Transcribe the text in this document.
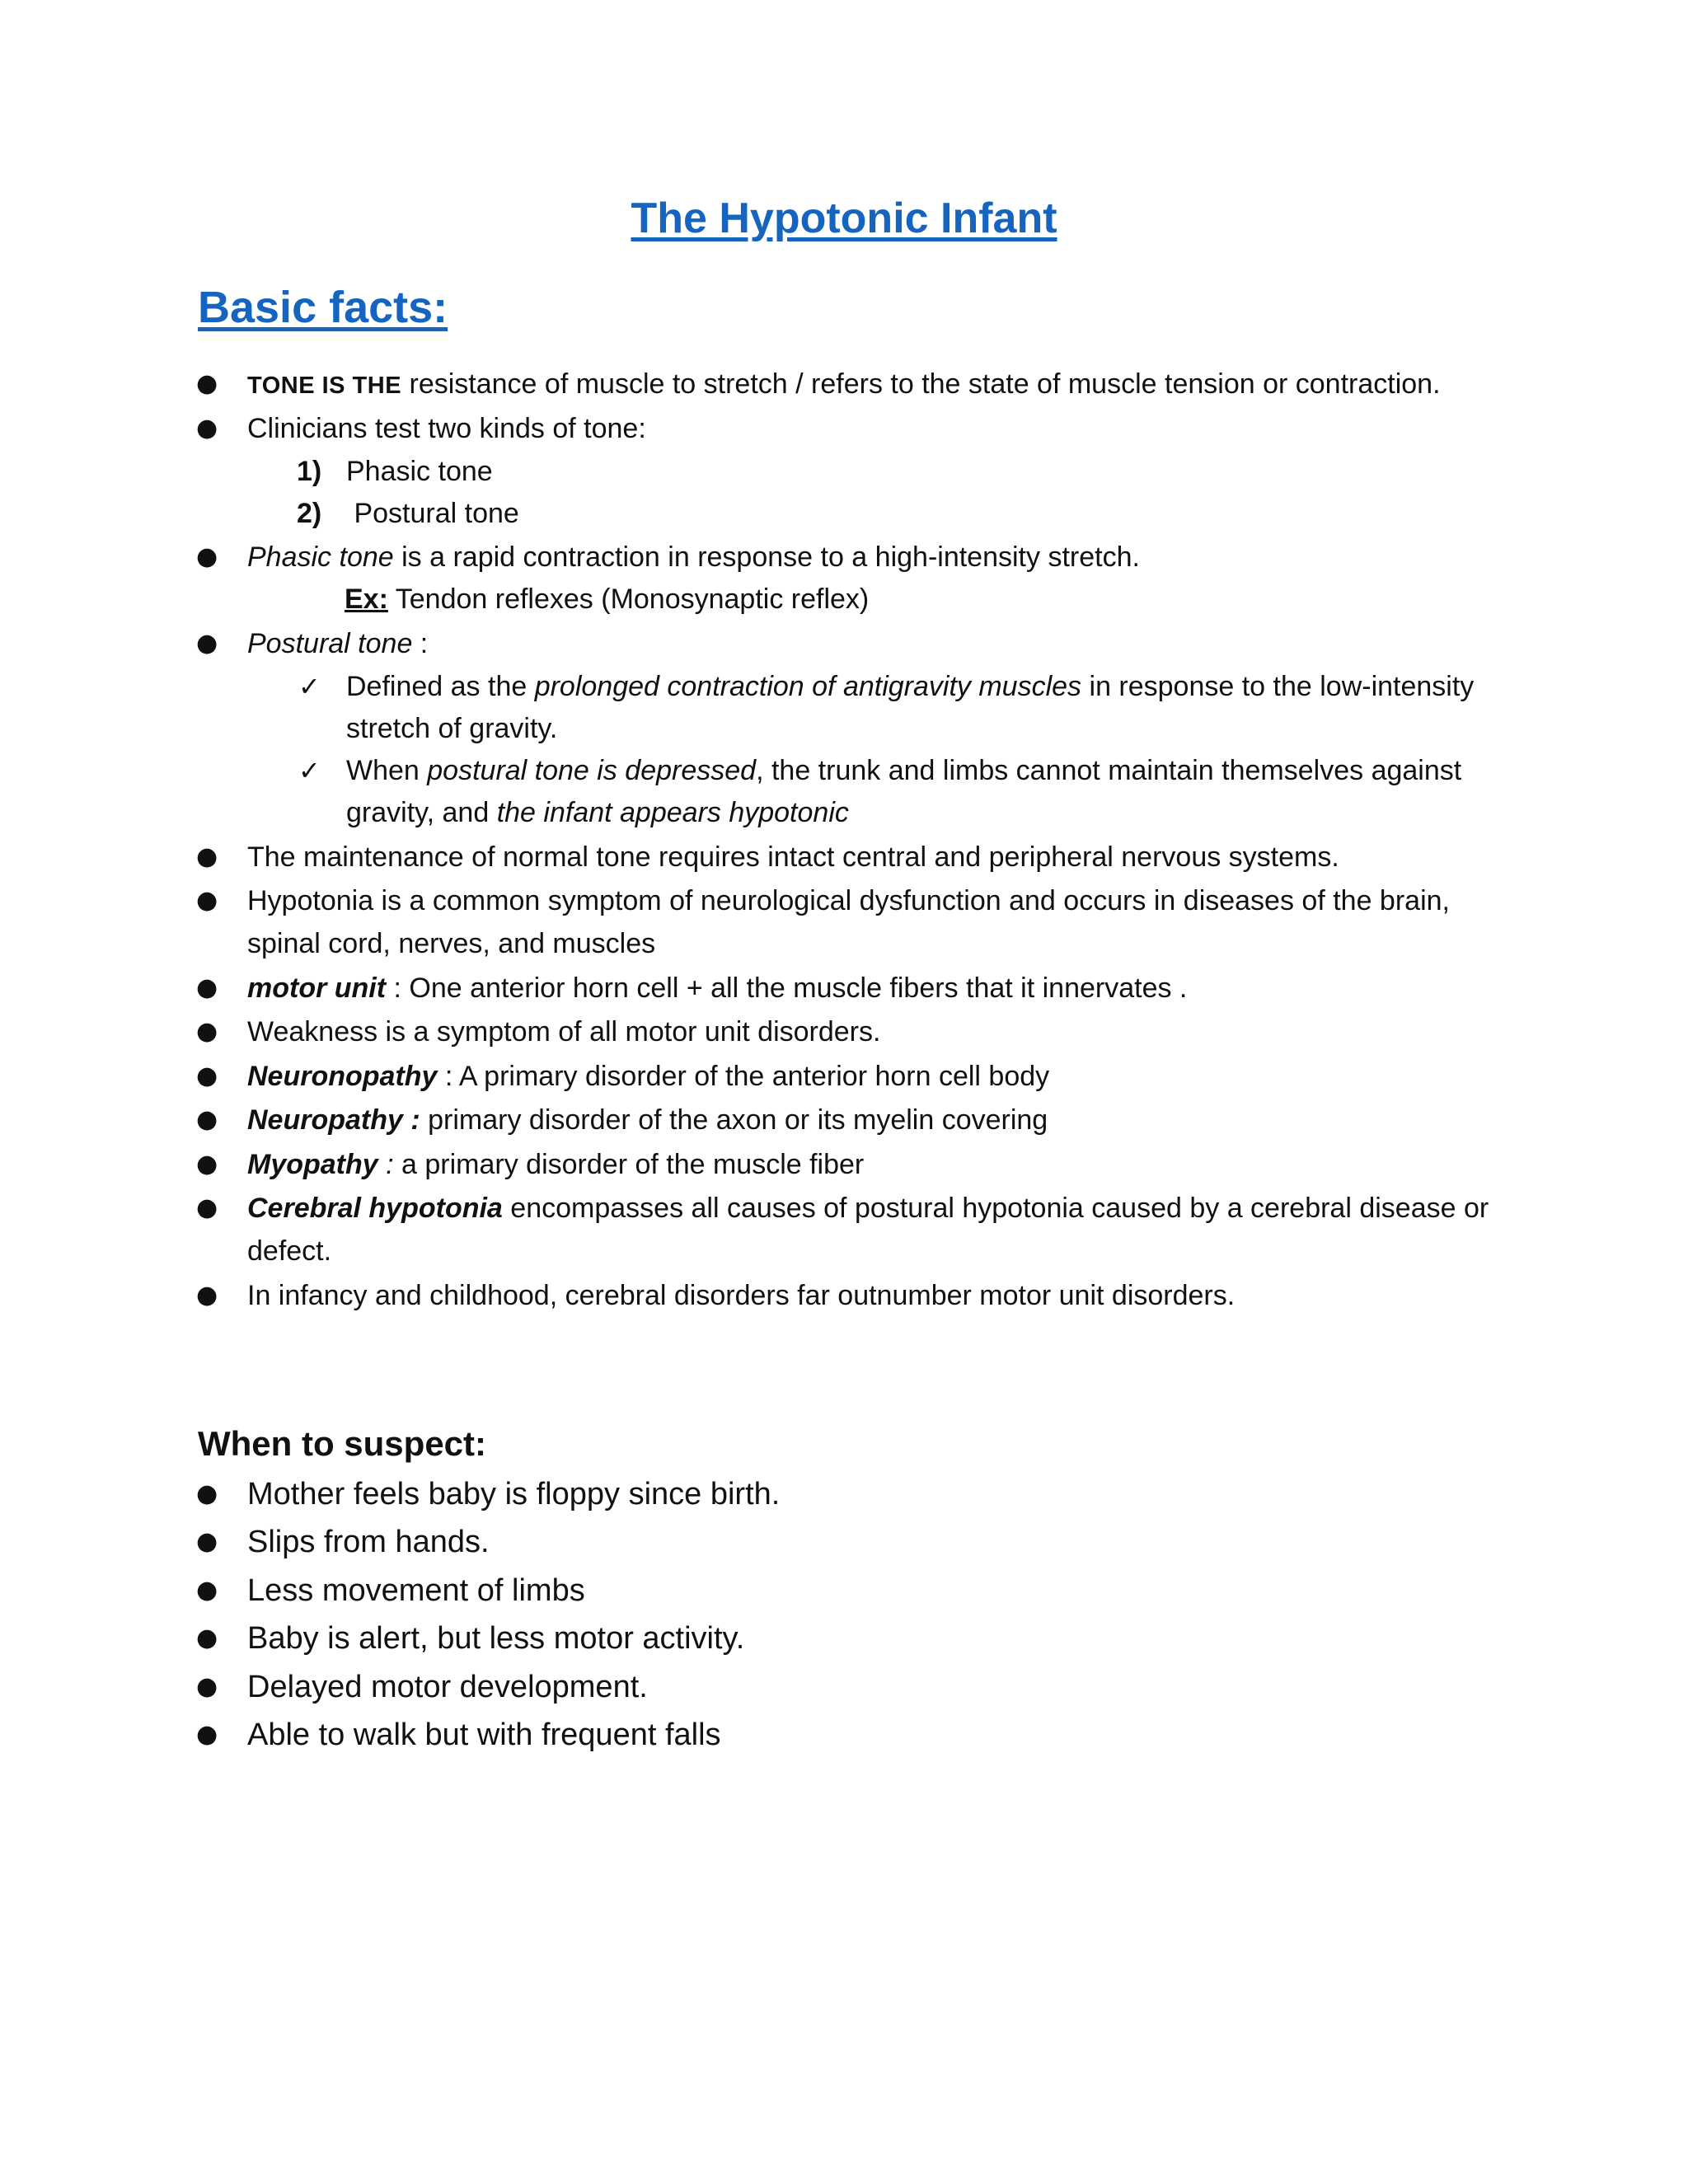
The Hypotonic Infant
Basic facts:
● TONE IS THE resistance of muscle to stretch / refers to the state of muscle tension or contraction.
● Clinicians test two kinds of tone:
1) Phasic tone
2) Postural tone
● Phasic tone is a rapid contraction in response to a high-intensity stretch.
Ex: Tendon reflexes (Monosynaptic reflex)
● Postural tone :
✓ Defined as the prolonged contraction of antigravity muscles in response to the low-intensity
stretch of gravity.
✓ When postural tone is depressed, the trunk and limbs cannot maintain themselves against
gravity, and the infant appears hypotonic
● The maintenance of normal tone requires intact central and peripheral nervous systems.
● Hypotonia is a common symptom of neurological dysfunction and occurs in diseases of the brain,
spinal cord, nerves, and muscles
● motor unit : One anterior horn cell + all the muscle fibers that it innervates .
● Weakness is a symptom of all motor unit disorders.
● Neuronopathy : A primary disorder of the anterior horn cell body
● Neuropathy : primary disorder of the axon or its myelin covering
● Myopathy : a primary disorder of the muscle fiber
● Cerebral hypotonia encompasses all causes of postural hypotonia caused by a cerebral disease or
defect.
● In infancy and childhood, cerebral disorders far outnumber motor unit disorders.
When to suspect:
● Mother feels baby is floppy since birth.
● Slips from hands.
● Less movement of limbs
● Baby is alert, but less motor activity.
● Delayed motor development.
● Able to walk but with frequent falls
